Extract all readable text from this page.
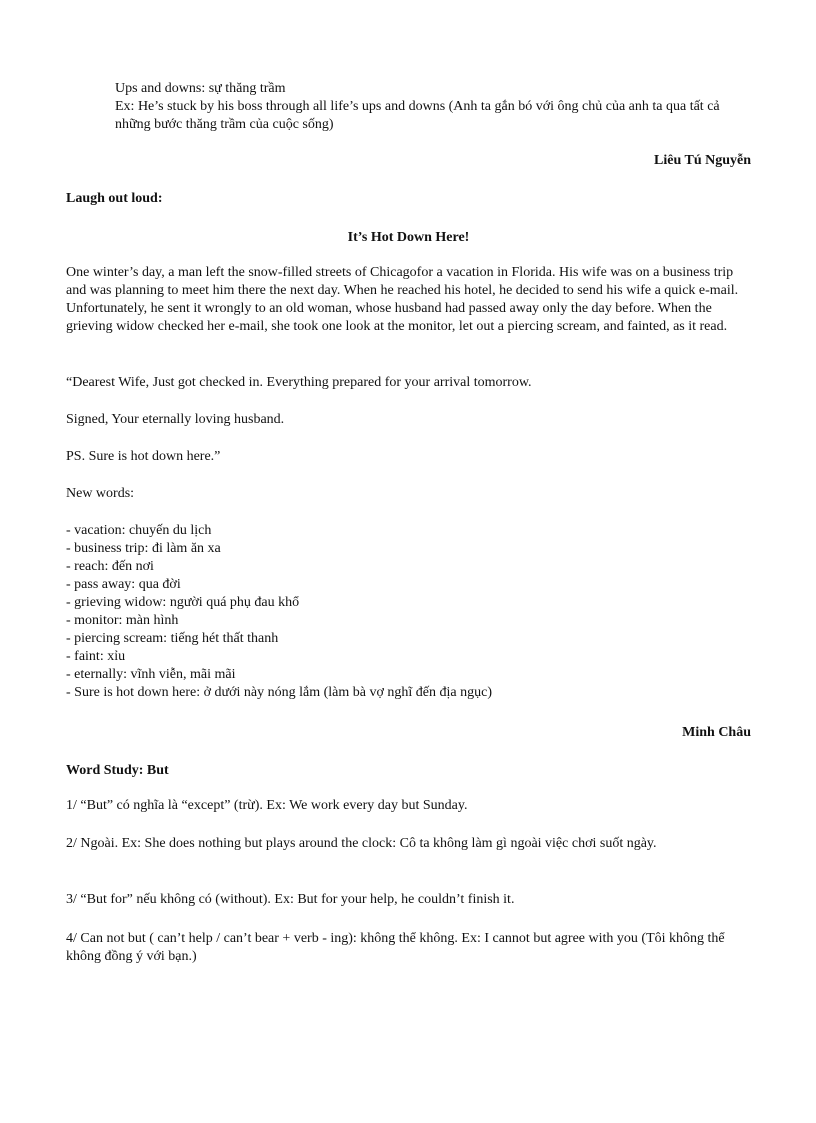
Ups and downs: sự thăng trầm

Ex: He’s stuck by his boss through all life’s ups and downs (Anh ta gắn bó với ông chủ của anh ta qua tất cả những bước thăng trầm của cuộc sống)

Liêu Tú Nguyễn

Laugh out loud:

It’s Hot Down Here!

One winter’s day, a man left the snow-filled streets of Chicagofor a vacation in Florida. His wife was on a business trip and was planning to meet him there the next day. When he reached his hotel, he decided to send his wife a quick e-mail. Unfortunately, he sent it wrongly to an old woman, whose husband had passed away only the day before. When the grieving widow checked her e-mail, she took one look at the monitor, let out a piercing scream, and fainted, as it read.

“Dearest Wife, Just got checked in. Everything prepared for your arrival tomorrow.

Signed, Your eternally loving husband.

PS. Sure is hot down here.”

New words:

- vacation: chuyến du lịch
- business trip: đi làm ăn xa
- reach: đến nơi
- pass away: qua đời
- grieving widow: người quá phụ đau khổ
- monitor: màn hình
- piercing scream: tiếng hét thất thanh
- faint: xỉu
- eternally: vĩnh viễn, mãi mãi
- Sure is hot down here: ở dưới này nóng lắm (làm bà vợ nghĩ đến địa ngục)

Minh Châu

Word Study: But

1/ “But” có nghĩa là “except” (trừ). Ex: We work every day but Sunday.

2/ Ngoài. Ex: She does nothing but plays around the clock: Cô ta không làm gì ngoài việc chơi suốt ngày.

3/ “But for” nếu không có (without). Ex: But for your help, he couldn’t finish it.

4/ Can not but ( can’t help / can’t bear + verb - ing): không thể không. Ex: I cannot but agree with you (Tôi không thể không đồng ý với bạn.)
